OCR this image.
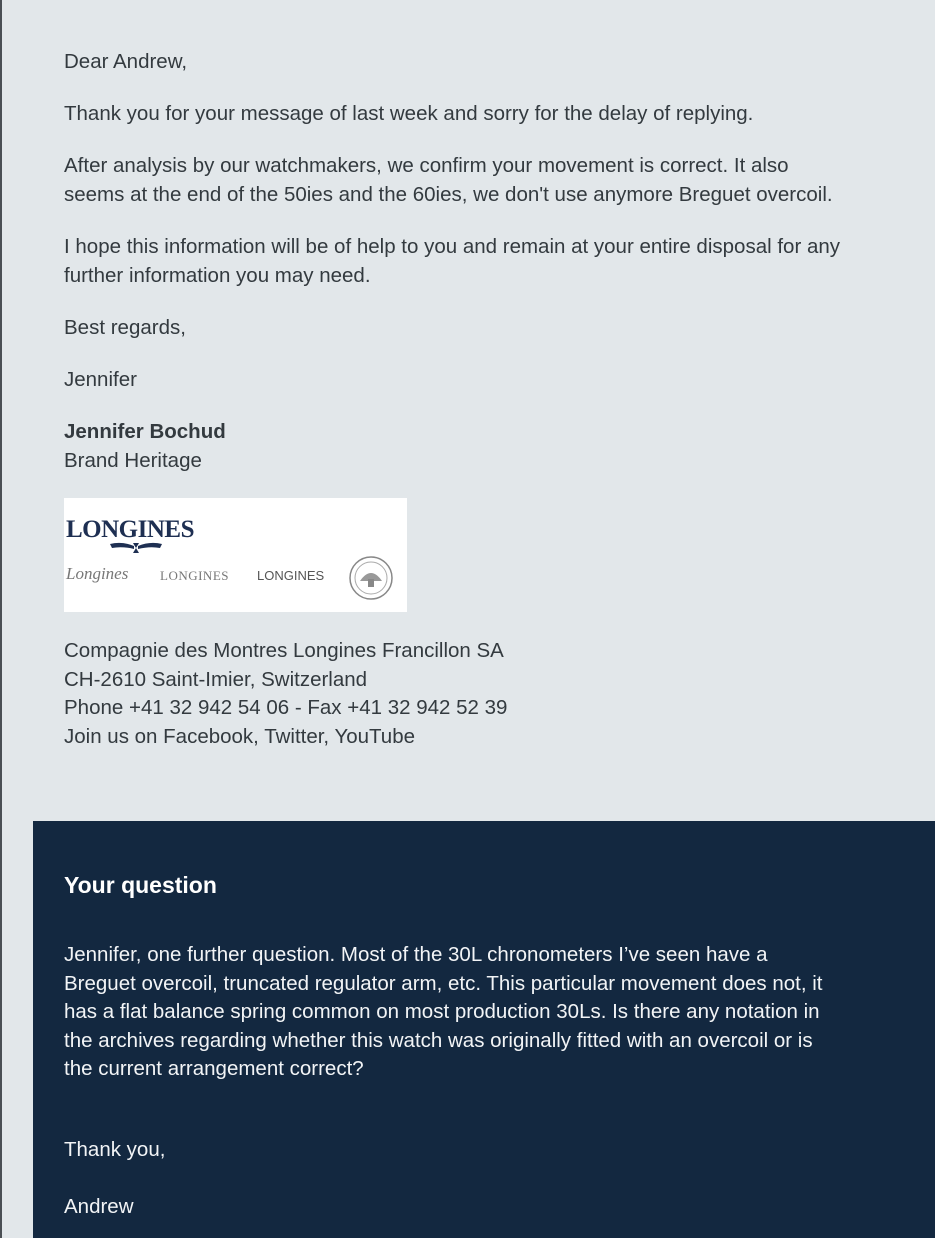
Dear Andrew,

Thank you for your message of last week and sorry for the delay of replying.

After analysis by our watchmakers, we confirm your movement is correct. It also

seems at the end of the 50ies and the 60ies, we don't use anymore Breguet overcoil.

I hope this information will be of help to you and remain at your entire disposal for any

further information you may need.

Best regards,

Jennifer

Jennifer Bochud

Brand Heritage

LONGINES
Longines LONGINES LONGINES

Compagnie des Montres Longines Francillon SA

CH-2610 Saint-Imier, Switzerland

Phone +41 32 942 54 06 - Fax +41 32 942 52 39

Join us on Facebook, Twitter, YouTube

Your question

Jennifer, one further question. Most of the 30L chronometers I’ve seen have a

Breguet overcoil, truncated regulator arm, etc. This particular movement does not, it

has a flat balance spring common on most production 30Ls. Is there any notation in

the archives regarding whether this watch was originally fitted with an overcoil or is

the current arrangement correct?

Thank you,

Andrew
